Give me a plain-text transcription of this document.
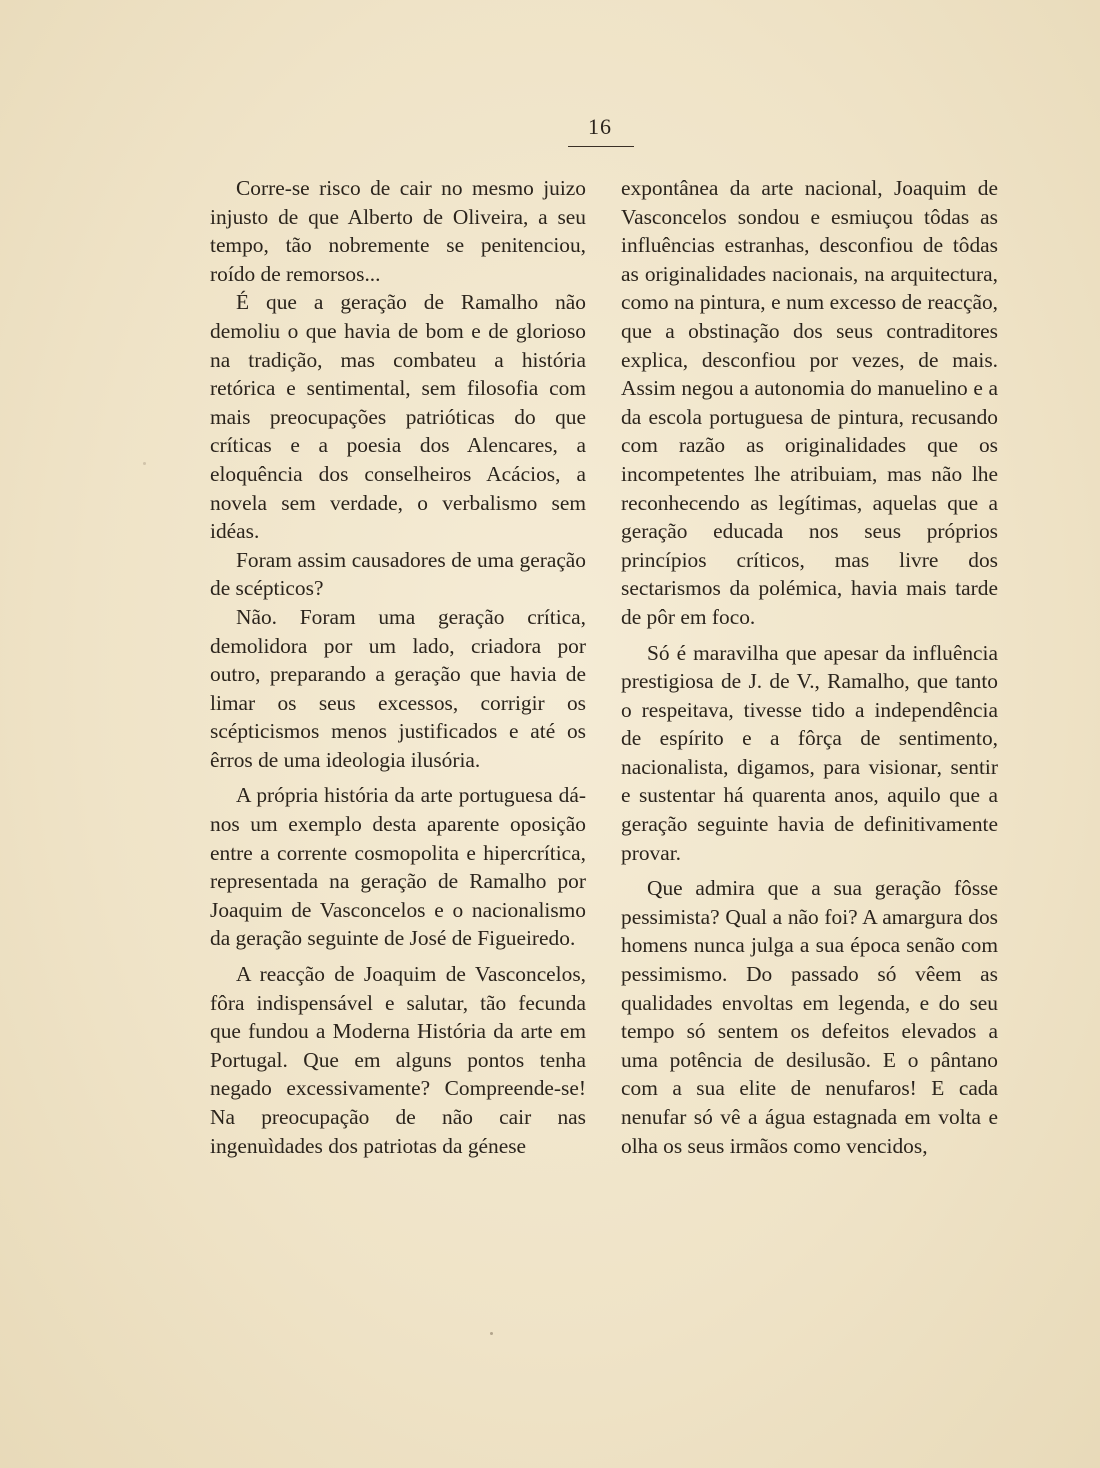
16

Corre-se risco de cair no mesmo juizo injusto de que Alberto de Oliveira, a seu tempo, tão nobremente se penitenciou, roído de remorsos...

É que a geração de Ramalho não demoliu o que havia de bom e de glorioso na tradição, mas combateu a história retórica e sentimental, sem filosofia com mais preocupações patrióticas do que críticas e a poesia dos Alencares, a eloquência dos conselheiros Acácios, a novela sem verdade, o verbalismo sem idéas.

Foram assim causadores de uma geração de scépticos?

Não. Foram uma geração crítica, demolidora por um lado, criadora por outro, preparando a geração que havia de limar os seus excessos, corrigir os scépticismos menos justificados e até os êrros de uma ideologia ilusória.

A própria história da arte portuguesa dá-nos um exemplo desta aparente oposição entre a corrente cosmopolita e hipercrítica, representada na geração de Ramalho por Joaquim de Vasconcelos e o nacionalismo da geração seguinte de José de Figueiredo.

A reacção de Joaquim de Vasconcelos, fôra indispensável e salutar, tão fecunda que fundou a Moderna História da arte em Portugal. Que em alguns pontos tenha negado excessivamente? Compreende-se! Na preocupação de não cair nas ingenuìdades dos patriotas da génese

expontânea da arte nacional, Joaquim de Vasconcelos sondou e esmiuçou tôdas as influências estranhas, desconfiou de tôdas as originalidades nacionais, na arquitectura, como na pintura, e num excesso de reacção, que a obstinação dos seus contraditores explica, desconfiou por vezes, de mais. Assim negou a autonomia do manuelino e a da escola portuguesa de pintura, recusando com razão as originalidades que os incompetentes lhe atribuiam, mas não lhe reconhecendo as legítimas, aquelas que a geração educada nos seus próprios princípios críticos, mas livre dos sectarismos da polémica, havia mais tarde de pôr em foco.

Só é maravilha que apesar da influência prestigiosa de J. de V., Ramalho, que tanto o respeitava, tivesse tido a independência de espírito e a fôrça de sentimento, nacionalista, digamos, para visionar, sentir e sustentar há quarenta anos, aquilo que a geração seguinte havia de definitivamente provar.

Que admira que a sua geração fôsse pessimista? Qual a não foi? A amargura dos homens nunca julga a sua época senão com pessimismo. Do passado só vêem as qualidades envoltas em legenda, e do seu tempo só sentem os defeitos elevados a uma potência de desilusão. E o pântano com a sua elite de nenufaros! E cada nenufar só vê a água estagnada em volta e olha os seus irmãos como vencidos,
